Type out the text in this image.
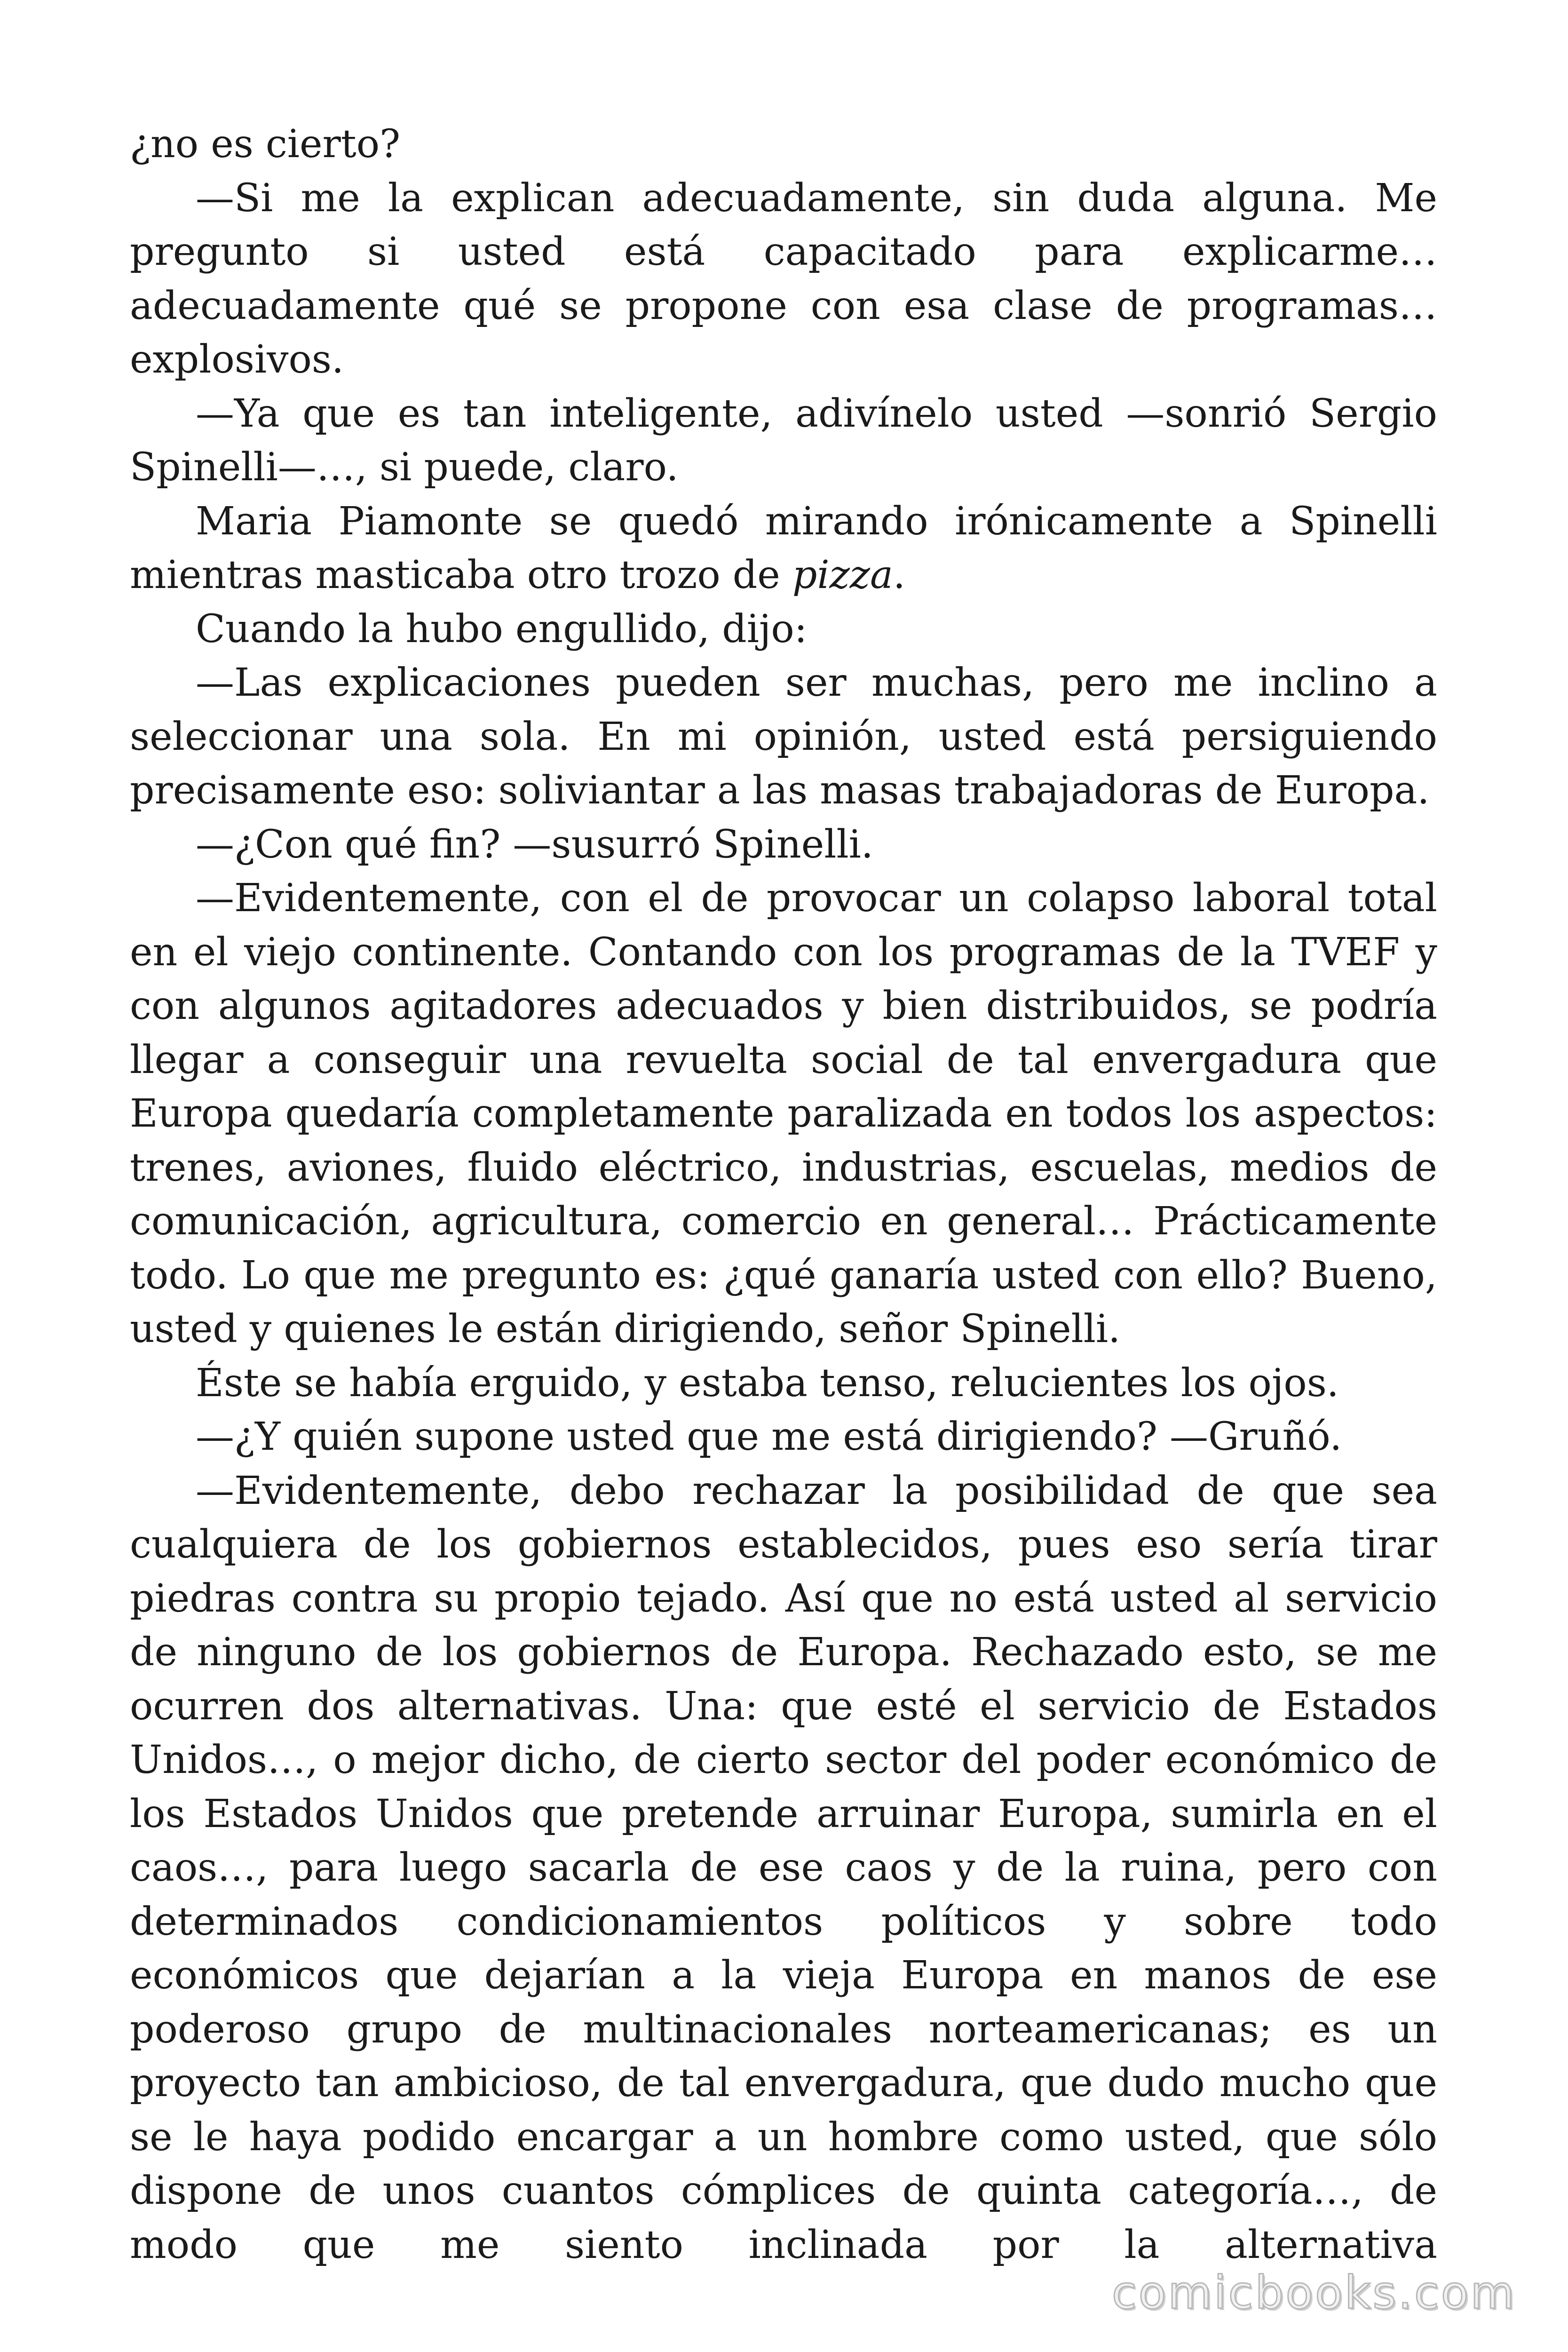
¿no es cierto?

—Si me la explican adecuadamente, sin duda alguna. Me pregunto si usted está capacitado para explicarme… adecuadamente qué se propone con esa clase de programas… explosivos.

—Ya que es tan inteligente, adivínelo usted —sonrió Sergio Spinelli—…, si puede, claro.

Maria Piamonte se quedó mirando irónicamente a Spinelli mientras masticaba otro trozo de pizza.

Cuando la hubo engullido, dijo:

—Las explicaciones pueden ser muchas, pero me inclino a seleccionar una sola. En mi opinión, usted está persiguiendo precisamente eso: soliviantar a las masas trabajadoras de Europa.

—¿Con qué fin? —susurró Spinelli.

—Evidentemente, con el de provocar un colapso laboral total en el viejo continente. Contando con los programas de la TVEF y con algunos agitadores adecuados y bien distribuidos, se podría llegar a conseguir una revuelta social de tal envergadura que Europa quedaría completamente paralizada en todos los aspectos: trenes, aviones, fluido eléctrico, industrias, escuelas, medios de comunicación, agricultura, comercio en general… Prácticamente todo. Lo que me pregunto es: ¿qué ganaría usted con ello? Bueno, usted y quienes le están dirigiendo, señor Spinelli.

Éste se había erguido, y estaba tenso, relucientes los ojos.

—¿Y quién supone usted que me está dirigiendo? —Gruñó.

—Evidentemente, debo rechazar la posibilidad de que sea cualquiera de los gobiernos establecidos, pues eso sería tirar piedras contra su propio tejado. Así que no está usted al servicio de ninguno de los gobiernos de Europa. Rechazado esto, se me ocurren dos alternativas. Una: que esté el servicio de Estados Unidos…, o mejor dicho, de cierto sector del poder económico de los Estados Unidos que pretende arruinar Europa, sumirla en el caos…, para luego sacarla de ese caos y de la ruina, pero con determinados condicionamientos políticos y sobre todo económicos que dejarían a la vieja Europa en manos de ese poderoso grupo de multinacionales norteamericanas; es un proyecto tan ambicioso, de tal envergadura, que dudo mucho que se le haya podido encargar a un hombre como usted, que sólo dispone de unos cuantos cómplices de quinta categoría…, de modo que me siento inclinada por la alternativa

comicbooks.com
